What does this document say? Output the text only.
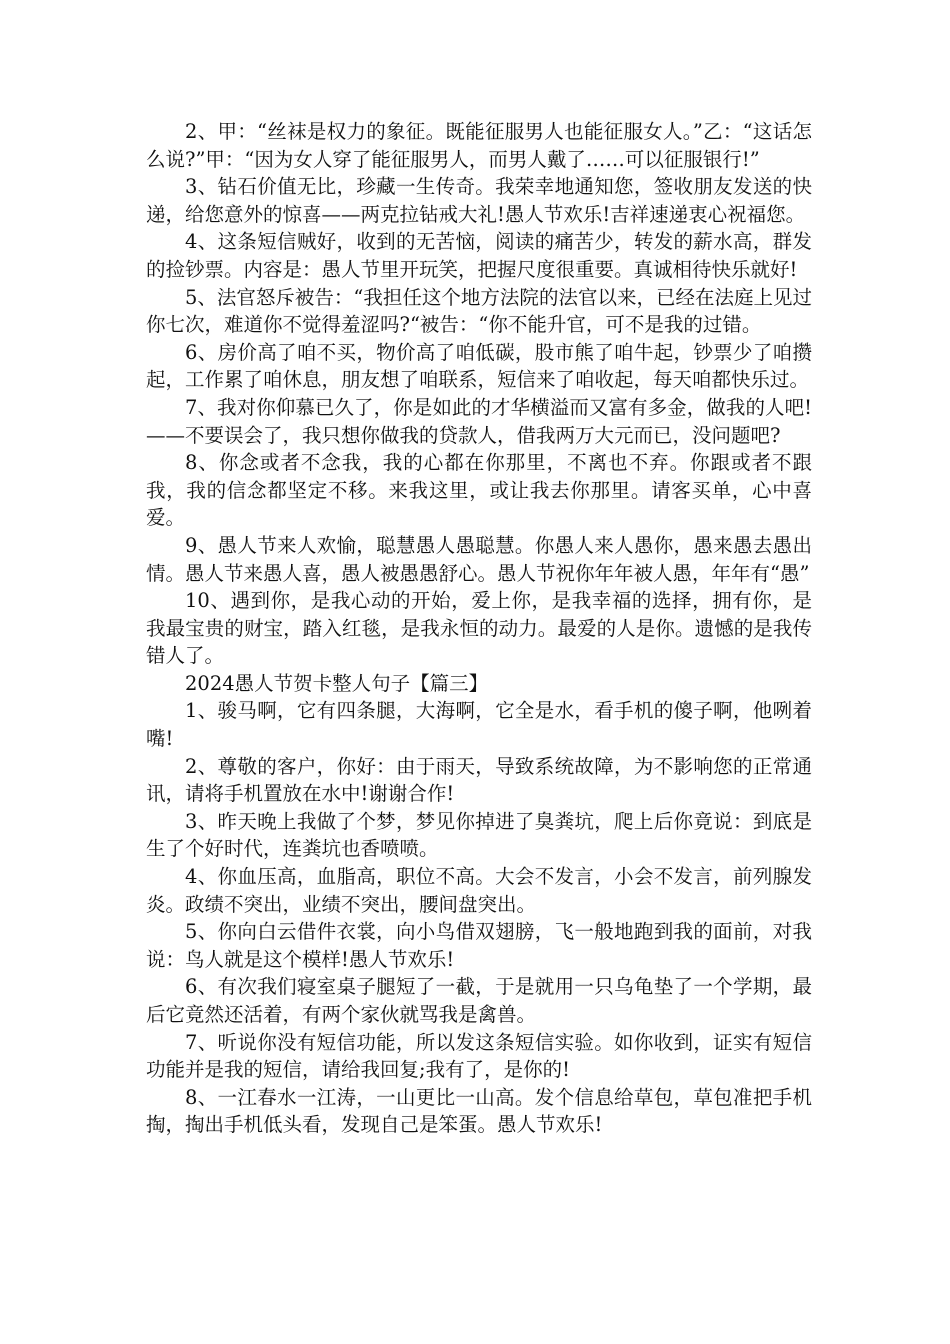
2、甲：“丝袜是权力的象征。既能征服男人也能征服女人。”乙：“这话怎么说?”甲：“因为女人穿了能征服男人，而男人戴了……可以征服银行!”

3、钻石价值无比，珍藏一生传奇。我荣幸地通知您，签收朋友发送的快递，给您意外的惊喜——两克拉钻戒大礼!愚人节欢乐!吉祥速递衷心祝福您。

4、这条短信贼好，收到的无苦恼，阅读的痛苦少，转发的薪水高，群发的捡钞票。内容是：愚人节里开玩笑，把握尺度很重要。真诚相待快乐就好!

5、法官怒斥被告：“我担任这个地方法院的法官以来，已经在法庭上见过你七次，难道你不觉得羞涩吗?“被告：“你不能升官，可不是我的过错。

6、房价高了咱不买，物价高了咱低碳，股市熊了咱牛起，钞票少了咱攒起，工作累了咱休息，朋友想了咱联系，短信来了咱收起，每天咱都快乐过。

7、我对你仰慕已久了，你是如此的才华横溢而又富有多金，做我的人吧!——不要误会了，我只想你做我的贷款人，借我两万大元而已，没问题吧?

8、你念或者不念我，我的心都在你那里，不离也不弃。你跟或者不跟我，我的信念都坚定不移。来我这里，或让我去你那里。请客买单，心中喜爱。

9、愚人节来人欢愉，聪慧愚人愚聪慧。你愚人来人愚你，愚来愚去愚出情。愚人节来愚人喜，愚人被愚愚舒心。愚人节祝你年年被人愚，年年有“愚”

10、遇到你，是我心动的开始，爱上你，是我幸福的选择，拥有你，是我最宝贵的财宝，踏入红毯，是我永恒的动力。最爱的人是你。遗憾的是我传错人了。

2024愚人节贺卡整人句子【篇三】

1、骏马啊，它有四条腿，大海啊，它全是水，看手机的傻子啊，他咧着嘴!

2、尊敬的客户，你好：由于雨天，导致系统故障，为不影响您的正常通讯，请将手机置放在水中!谢谢合作!

3、昨天晚上我做了个梦，梦见你掉进了臭粪坑，爬上后你竟说：到底是生了个好时代，连粪坑也香喷喷。

4、你血压高，血脂高，职位不高。大会不发言，小会不发言，前列腺发炎。政绩不突出，业绩不突出，腰间盘突出。

5、你向白云借件衣裳，向小鸟借双翅膀，飞一般地跑到我的面前，对我说：鸟人就是这个模样!愚人节欢乐!

6、有次我们寝室桌子腿短了一截，于是就用一只乌龟垫了一个学期，最后它竟然还活着，有两个家伙就骂我是禽兽。

7、听说你没有短信功能，所以发这条短信实验。如你收到，证实有短信功能并是我的短信，请给我回复;我有了，是你的!

8、一江春水一江涛，一山更比一山高。发个信息给草包，草包准把手机掏，掏出手机低头看，发现自己是笨蛋。愚人节欢乐!
